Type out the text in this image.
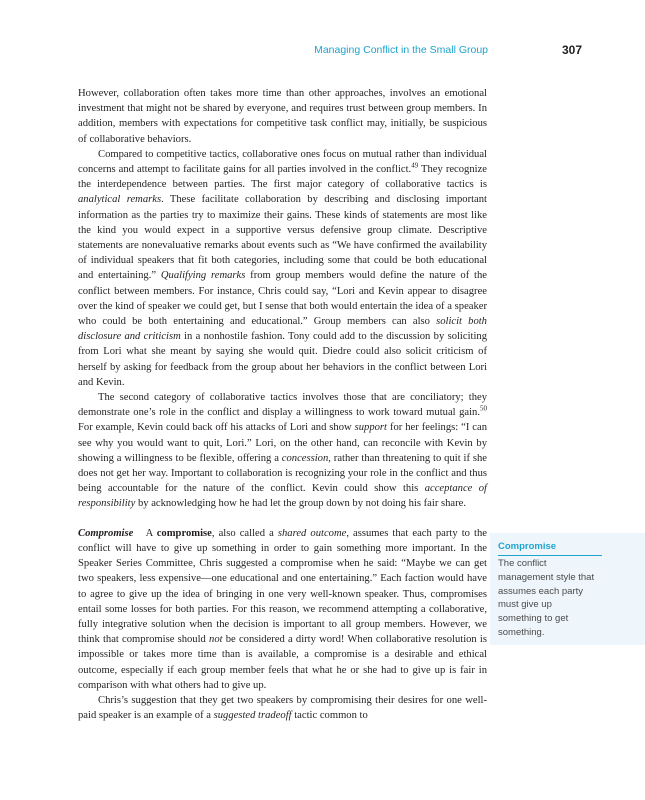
Managing Conflict in the Small Group	307

However, collaboration often takes more time than other approaches, involves an emotional investment that might not be shared by everyone, and requires trust between group members. In addition, members with expectations for competitive task conflict may, initially, be suspicious of collaborative behaviors.

Compared to competitive tactics, collaborative ones focus on mutual rather than individual concerns and attempt to facilitate gains for all parties involved in the conflict.$^{49}$ They recognize the interdependence between parties. The first major category of collaborative tactics is analytical remarks. These facilitate collaboration by describing and disclosing important information as the parties try to maximize their gains. These kinds of statements are most like the kind you would expect in a supportive versus defensive group climate. Descriptive statements are nonevaluative remarks about events such as “We have confirmed the availability of individual speakers that fit both categories, including some that could be both educational and entertaining.” Qualifying remarks from group members would define the nature of the conflict between members. For instance, Chris could say, “Lori and Kevin appear to disagree over the kind of speaker we could get, but I sense that both would entertain the idea of a speaker who could be both entertaining and educational.” Group members can also solicit both disclosure and criticism in a nonhostile fashion. Tony could add to the discussion by soliciting from Lori what she meant by saying she would quit. Diedre could also solicit criticism of herself by asking for feedback from the group about her behaviors in the conflict between Lori and Kevin.

The second category of collaborative tactics involves those that are conciliatory; they demonstrate one’s role in the conflict and display a willingness to work toward mutual gain.$^{50}$ For example, Kevin could back off his attacks of Lori and show support for her feelings: “I can see why you would want to quit, Lori.” Lori, on the other hand, can reconcile with Kevin by showing a willingness to be flexible, offering a concession, rather than threatening to quit if she does not get her way. Important to collaboration is recognizing your role in the conflict and thus being accountable for the nature of the conflict. Kevin could show this acceptance of responsibility by acknowledging how he had let the group down by not doing his fair share.

Compromise A compromise, also called a shared outcome, assumes that each party to the conflict will have to give up something in order to gain something more important. In the Speaker Series Committee, Chris suggested a compromise when he said: “Maybe we can get two speakers, less expensive—one educational and one entertaining.” Each faction would have to agree to give up the idea of bringing in one very well-known speaker. Thus, compromises entail some losses for both parties. For this reason, we recommend attempting a collaborative, fully integrative solution when the decision is important to all group members. However, we think that compromise should not be considered a dirty word! When collaborative resolution is impossible or takes more time than is available, a compromise is a desirable and ethical outcome, especially if each group member feels that what he or she had to give up is fair in comparison with what others had to give up.

Chris’s suggestion that they get two speakers by compromising their desires for one well-paid speaker is an example of a suggested tradeoff tactic common to

Compromise
The conflict management style that assumes each party must give up something to get something.
